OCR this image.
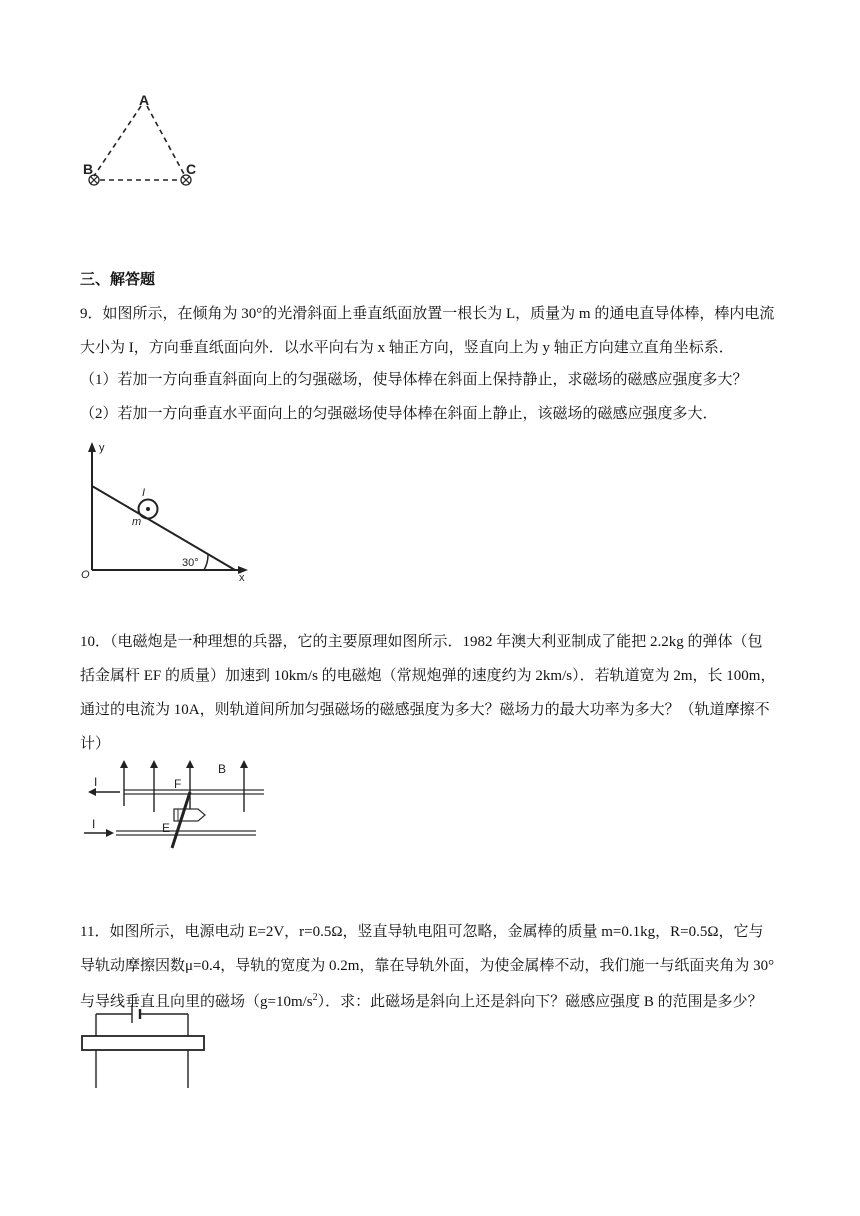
A
B	C
三、解答题
9．如图所示，在倾角为 30°的光滑斜面上垂直纸面放置一根长为 L，质量为 m 的通电直导体棒，棒内电流
大小为 I，方向垂直纸面向外．以水平向右为 x 轴正方向，竖直向上为 y 轴正方向建立直角坐标系．
（1）若加一方向垂直斜面向上的匀强磁场，使导体棒在斜面上保持静止，求磁场的磁感应强度多大？
（2）若加一方向垂直水平面向上的匀强磁场使导体棒在斜面上静止，该磁场的磁感应强度多大．
y
x
O
30°
I
m
10．（电磁炮是一种理想的兵器，它的主要原理如图所示．1982 年澳大利亚制成了能把 2.2kg 的弹体（包
括金属杆 EF 的质量）加速到 10km/s 的电磁炮（常规炮弹的速度约为 2km/s）．若轨道宽为 2m，长 100m，
通过的电流为 10A，则轨道间所加匀强磁场的磁感强度为多大？磁场力的最大功率为多大？（轨道摩擦不
计）
I
I
F
B
E
11．如图所示，电源电动 E=2V，r=0.5Ω，竖直导轨电阻可忽略，金属棒的质量 m=0.1kg，R=0.5Ω，它与
导轨动摩擦因数μ=0.4，导轨的宽度为 0.2m，靠在导轨外面，为使金属棒不动，我们施一与纸面夹角为 30°
与导线垂直且向里的磁场$(g=10m/s^2)$．求：此磁场是斜向上还是斜向下？磁感应强度 B 的范围是多少？
